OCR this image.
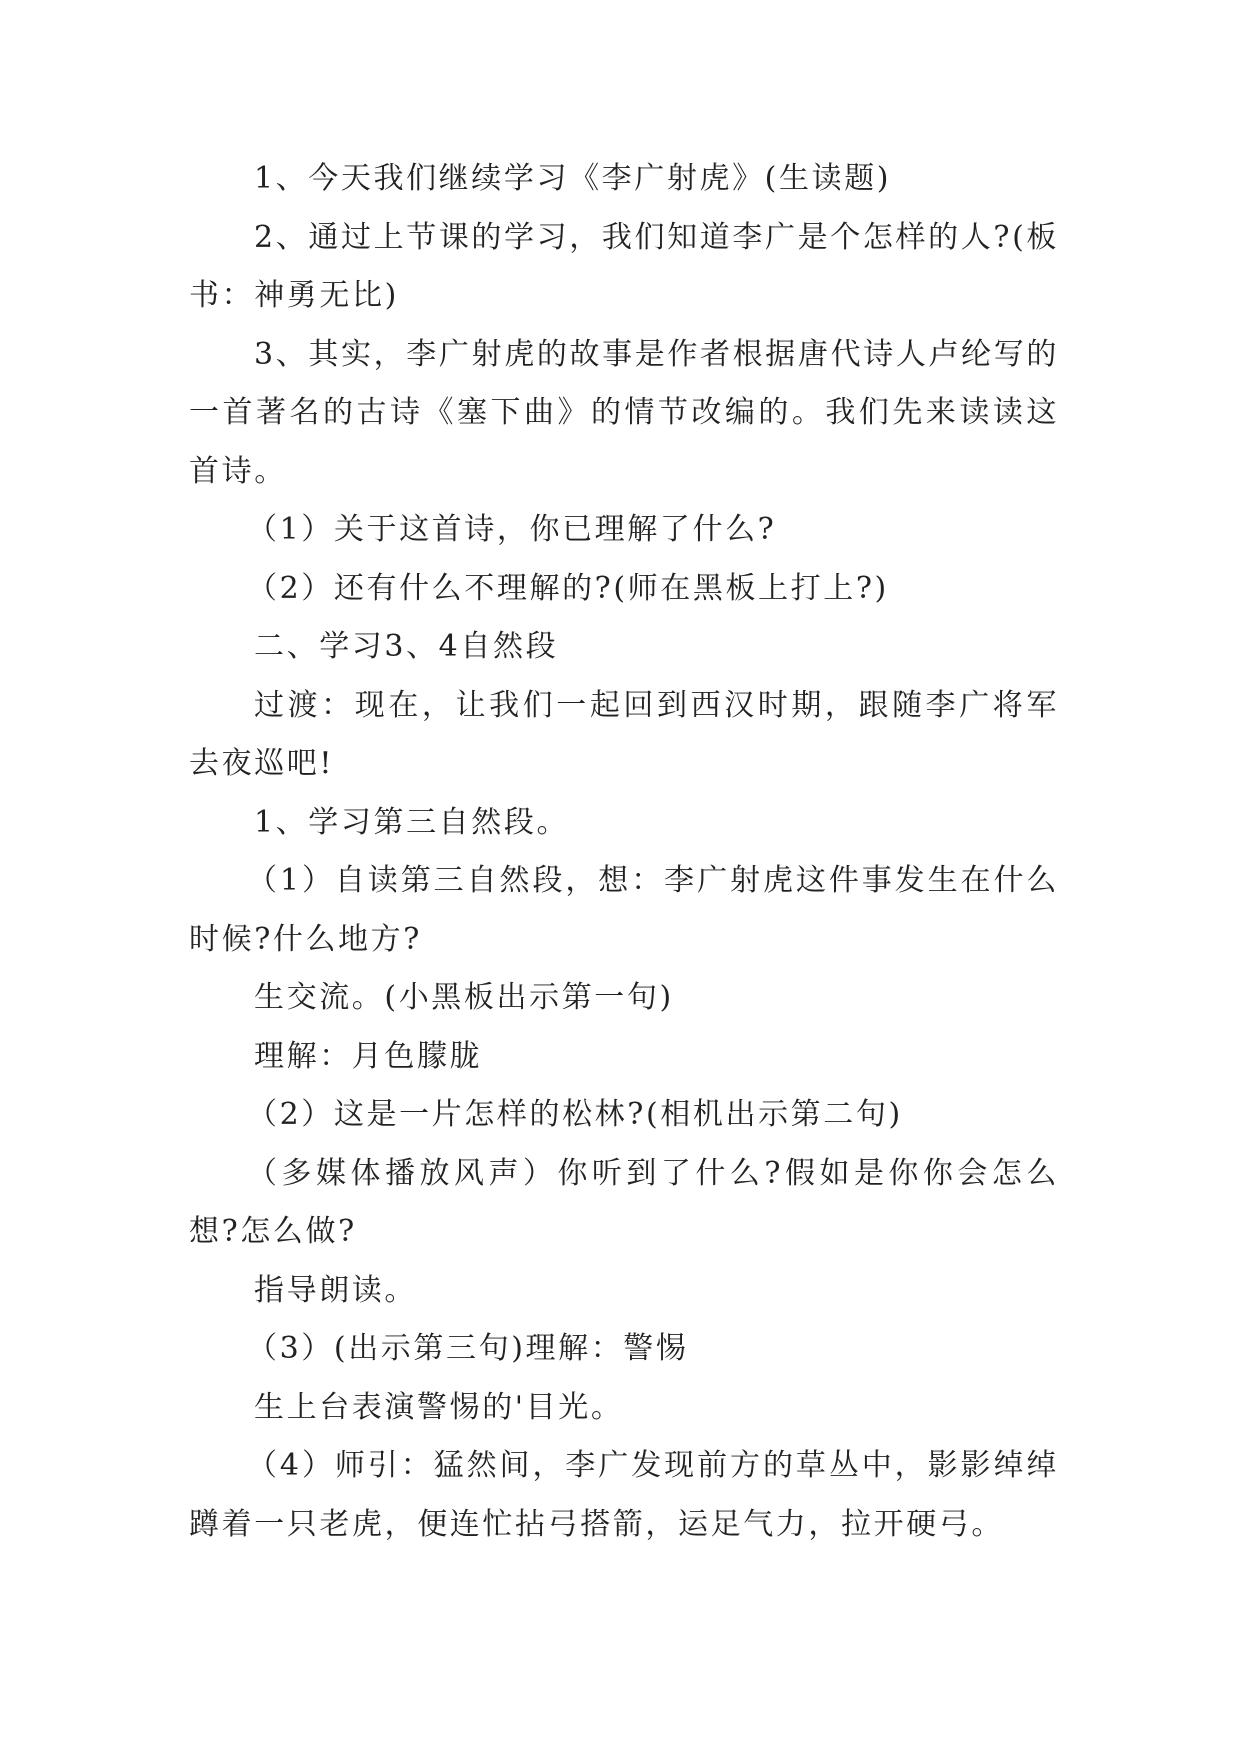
1、今天我们继续学习《李广射虎》(生读题)

2、通过上节课的学习，我们知道李广是个怎样的人?(板书：神勇无比)

3、其实，李广射虎的故事是作者根据唐代诗人卢纶写的一首著名的古诗《塞下曲》的情节改编的。我们先来读读这首诗。

（1）关于这首诗，你已理解了什么?

（2）还有什么不理解的?(师在黑板上打上?)

二、学习3、4自然段

过渡：现在，让我们一起回到西汉时期，跟随李广将军去夜巡吧!

1、学习第三自然段。

（1）自读第三自然段，想：李广射虎这件事发生在什么时候?什么地方?

生交流。(小黑板出示第一句)

理解：月色朦胧

（2）这是一片怎样的松林?(相机出示第二句)

（多媒体播放风声）你听到了什么?假如是你你会怎么想?怎么做?

指导朗读。

（3）(出示第三句)理解：警惕

生上台表演警惕的'目光。

（4）师引：猛然间，李广发现前方的草丛中，影影绰绰蹲着一只老虎，便连忙拈弓搭箭，运足气力，拉开硬弓。
